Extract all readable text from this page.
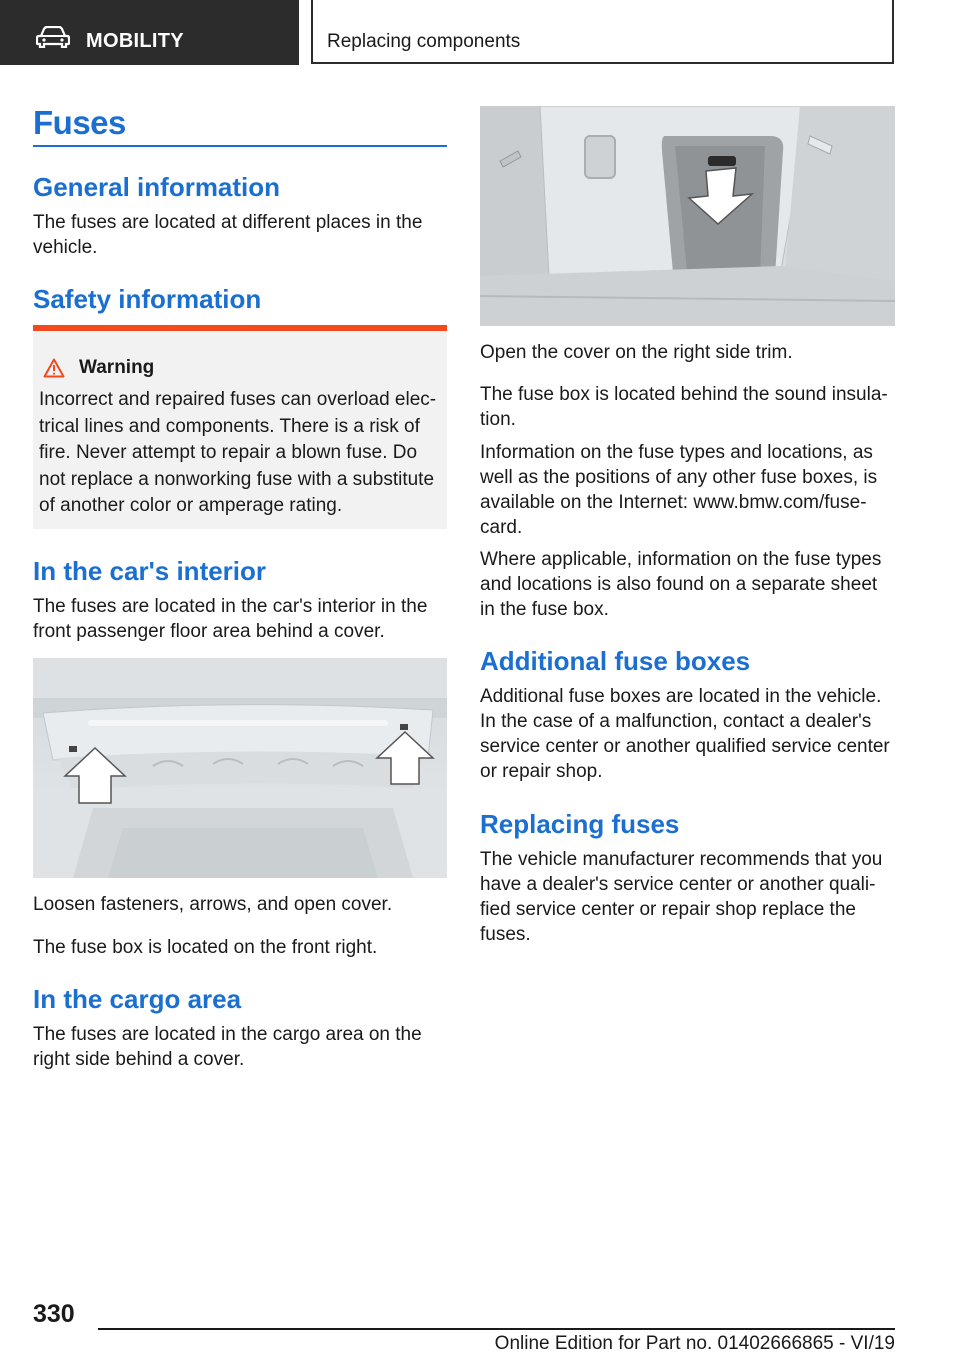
MOBILITY	Replacing components
Fuses
General information

The fuses are located at different places in the vehicle.

Safety information
Warning

Incorrect and repaired fuses can overload elec-trical lines and components. There is a risk of fire. Never attempt to repair a blown fuse. Do not replace a nonworking fuse with a substitute of another color or amperage rating.

In the car's interior

The fuses are located in the car's interior in the front passenger floor area behind a cover.

Loosen fasteners, arrows, and open cover.

The fuse box is located on the front right.

In the cargo area

The fuses are located in the cargo area on the right side behind a cover.

Open the cover on the right side trim.

The fuse box is located behind the sound insula-tion.

Information on the fuse types and locations, as well as the positions of any other fuse boxes, is available on the Internet: www.bmw.com/fuse-card.

Where applicable, information on the fuse types and locations is also found on a separate sheet in the fuse box.

Additional fuse boxes

Additional fuse boxes are located in the vehicle. In the case of a malfunction, contact a dealer's service center or another qualified service center or repair shop.

Replacing fuses

The vehicle manufacturer recommends that you have a dealer's service center or another quali-fied service center or repair shop replace the fuses.

330
Online Edition for Part no. 01402666865 - VI/19
